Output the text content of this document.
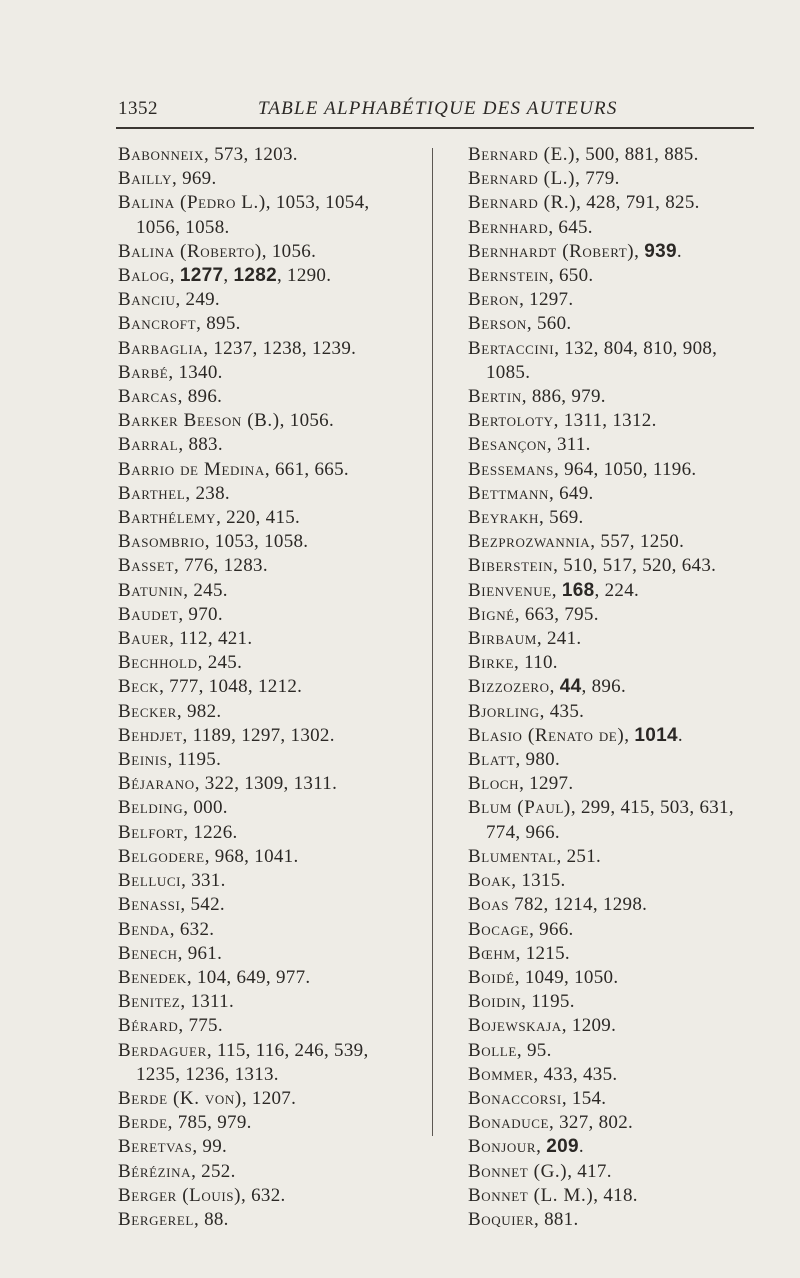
1352	TABLE ALPHABÉTIQUE DES AUTEURS
Babonneix, 573, 1203.
Bailly, 969.
Balina (Pedro L.), 1053, 1054,
1056, 1058.
Balina (Roberto), 1056.
Balog, 1277, 1282, 1290.
Banciu, 249.
Bancroft, 895.
Barbaglia, 1237, 1238, 1239.
Barbé, 1340.
Barcas, 896.
Barker Beeson (B.), 1056.
Barral, 883.
Barrio de Medina, 661, 665.
Barthel, 238.
Barthélemy, 220, 415.
Basombrio, 1053, 1058.
Basset, 776, 1283.
Batunin, 245.
Baudet, 970.
Bauer, 112, 421.
Bechhold, 245.
Beck, 777, 1048, 1212.
Becker, 982.
Behdjet, 1189, 1297, 1302.
Beinis, 1195.
Béjarano, 322, 1309, 1311.
Belding, 000.
Belfort, 1226.
Belgodere, 968, 1041.
Belluci, 331.
Benassi, 542.
Benda, 632.
Benech, 961.
Benedek, 104, 649, 977.
Benitez, 1311.
Bérard, 775.
Berdaguer, 115, 116, 246, 539,
1235, 1236, 1313.
Berde (K. von), 1207.
Berde, 785, 979.
Beretvas, 99.
Bérézina, 252.
Berger (Louis), 632.
Bergerel, 88.
Bernard (E.), 500, 881, 885.
Bernard (L.), 779.
Bernard (R.), 428, 791, 825.
Bernhard, 645.
Bernhardt (Robert), 939.
Bernstein, 650.
Beron, 1297.
Berson, 560.
Bertaccini, 132, 804, 810, 908,
1085.
Bertin, 886, 979.
Bertoloty, 1311, 1312.
Besançon, 311.
Bessemans, 964, 1050, 1196.
Bettmann, 649.
Beyrakh, 569.
Bezprozwannia, 557, 1250.
Biberstein, 510, 517, 520, 643.
Bienvenue, 168, 224.
Bigné, 663, 795.
Birbaum, 241.
Birke, 110.
Bizzozero, 44, 896.
Bjorling, 435.
Blasio (Renato de), 1014.
Blatt, 980.
Bloch, 1297.
Blum (Paul), 299, 415, 503, 631,
774, 966.
Blumental, 251.
Boak, 1315.
Boas 782, 1214, 1298.
Bocage, 966.
Bœhm, 1215.
Boidé, 1049, 1050.
Boidin, 1195.
Bojewskaja, 1209.
Bolle, 95.
Bommer, 433, 435.
Bonaccorsi, 154.
Bonaduce, 327, 802.
Bonjour, 209.
Bonnet (G.), 417.
Bonnet (L. M.), 418.
Boquier, 881.
